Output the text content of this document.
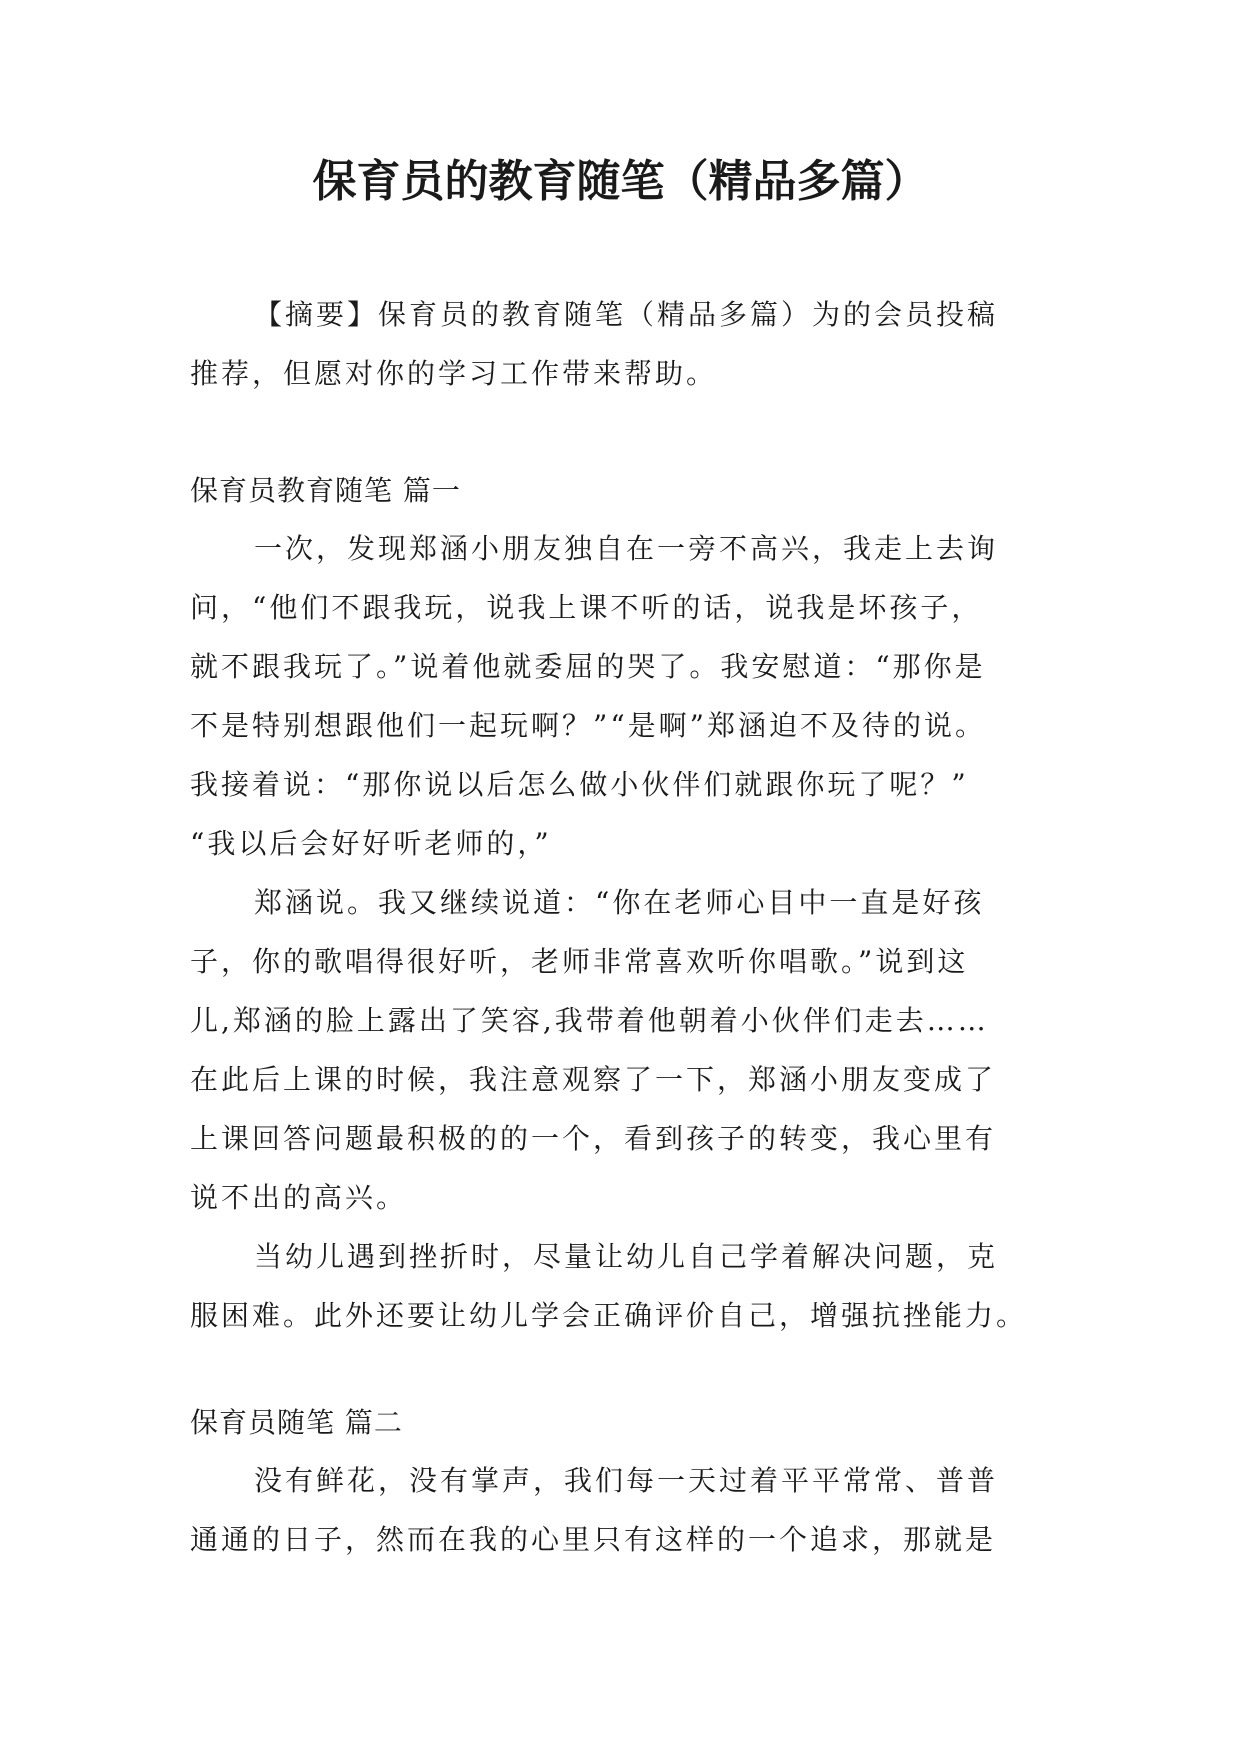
保育员的教育随笔（精品多篇）
【摘要】保育员的教育随笔（精品多篇）为的会员投稿
推荐，但愿对你的学习工作带来帮助。
保育员教育随笔 篇一
一次，发现郑涵小朋友独自在一旁不高兴，我走上去询
问，“他们不跟我玩，说我上课不听的话，说我是坏孩子，
就不跟我玩了。”说着他就委屈的哭了。我安慰道：“那你是
不是特别想跟他们一起玩啊？”“是啊”郑涵迫不及待的说。
我接着说：“那你说以后怎么做小伙伴们就跟你玩了呢？”
“我以后会好好听老师的，”
郑涵说。我又继续说道：“你在老师心目中一直是好孩
子，你的歌唱得很好听，老师非常喜欢听你唱歌。”说到这
儿,郑涵的脸上露出了笑容,我带着他朝着小伙伴们走去……
在此后上课的时候，我注意观察了一下，郑涵小朋友变成了
上课回答问题最积极的的一个，看到孩子的转变，我心里有
说不出的高兴。
当幼儿遇到挫折时，尽量让幼儿自己学着解决问题，克
服困难。此外还要让幼儿学会正确评价自己，增强抗挫能力。
保育员随笔 篇二
没有鲜花，没有掌声，我们每一天过着平平常常、普普
通通的日子，然而在我的心里只有这样的一个追求，那就是
